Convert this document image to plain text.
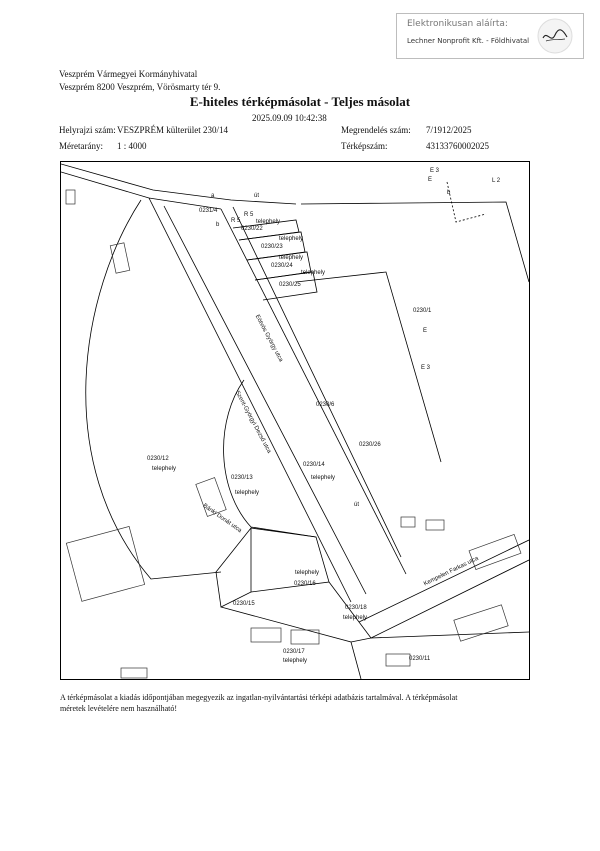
Elektronikusan aláírta:
Lechner Nonprofit Kft. - Földhivatal
Veszprém Vármegyei Kormányhivatal
Veszprém 8200 Veszprém, Vörösmarty tér 9.
E-hiteles térképmásolat - Teljes másolat
2025.09.09 10:42:38
Helyrajzi szám: VESZPRÉM külterület 230/14	Megrendelés szám: 7/1912/2025
Méretarány: 1 : 4000	Térképszám:	43133760002025
a	út
0231/4
b
R 5
R 5
telephely
0230/22
telephely
0230/23
telephely
0230/24
telephely
0230/25
0230/1
E
E 3
E 3
E	L 2
b
0230/6
0230/26
0230/12
telephely
0230/13
telephely
0230/14
telephely
út
telephely
0230/16
0230/15
0230/18
telephely
0230/17
telephely	0230/11
Eötvös György utca
Szent-Györgyi Dezső utca
Bánki Donát utca
Kempelen Farkas utca
A térképmásolat a kiadás időpontjában megegyezik az ingatlan-nyilvántartási térképi adatbázis tartalmával. A térképmásolat méretek levételére nem használható!
